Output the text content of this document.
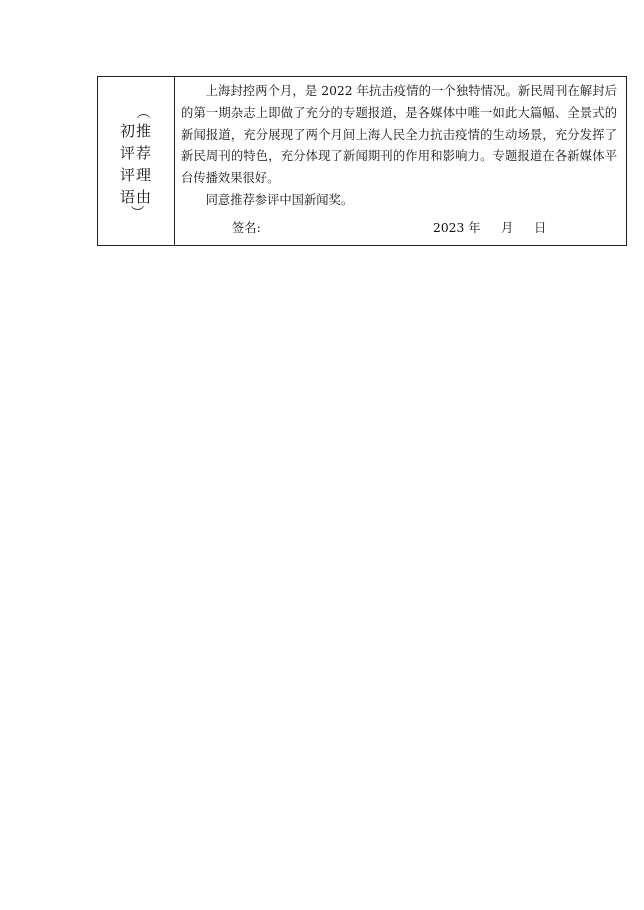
（
初推
评荐
评理
语由
）

上海封控两个月，是 2022 年抗击疫情的一个独特情况。新民周刊在解封后的第一期杂志上即做了充分的专题报道，是各媒体中唯一如此大篇幅、全景式的新闻报道，充分展现了两个月间上海人民全力抗击疫情的生动场景，充分发挥了新民周刊的特色，充分体现了新闻期刊的作用和影响力。专题报道在各新媒体平台传播效果很好。

同意推荐参评中国新闻奖。

签名:	2023 年 月 日
